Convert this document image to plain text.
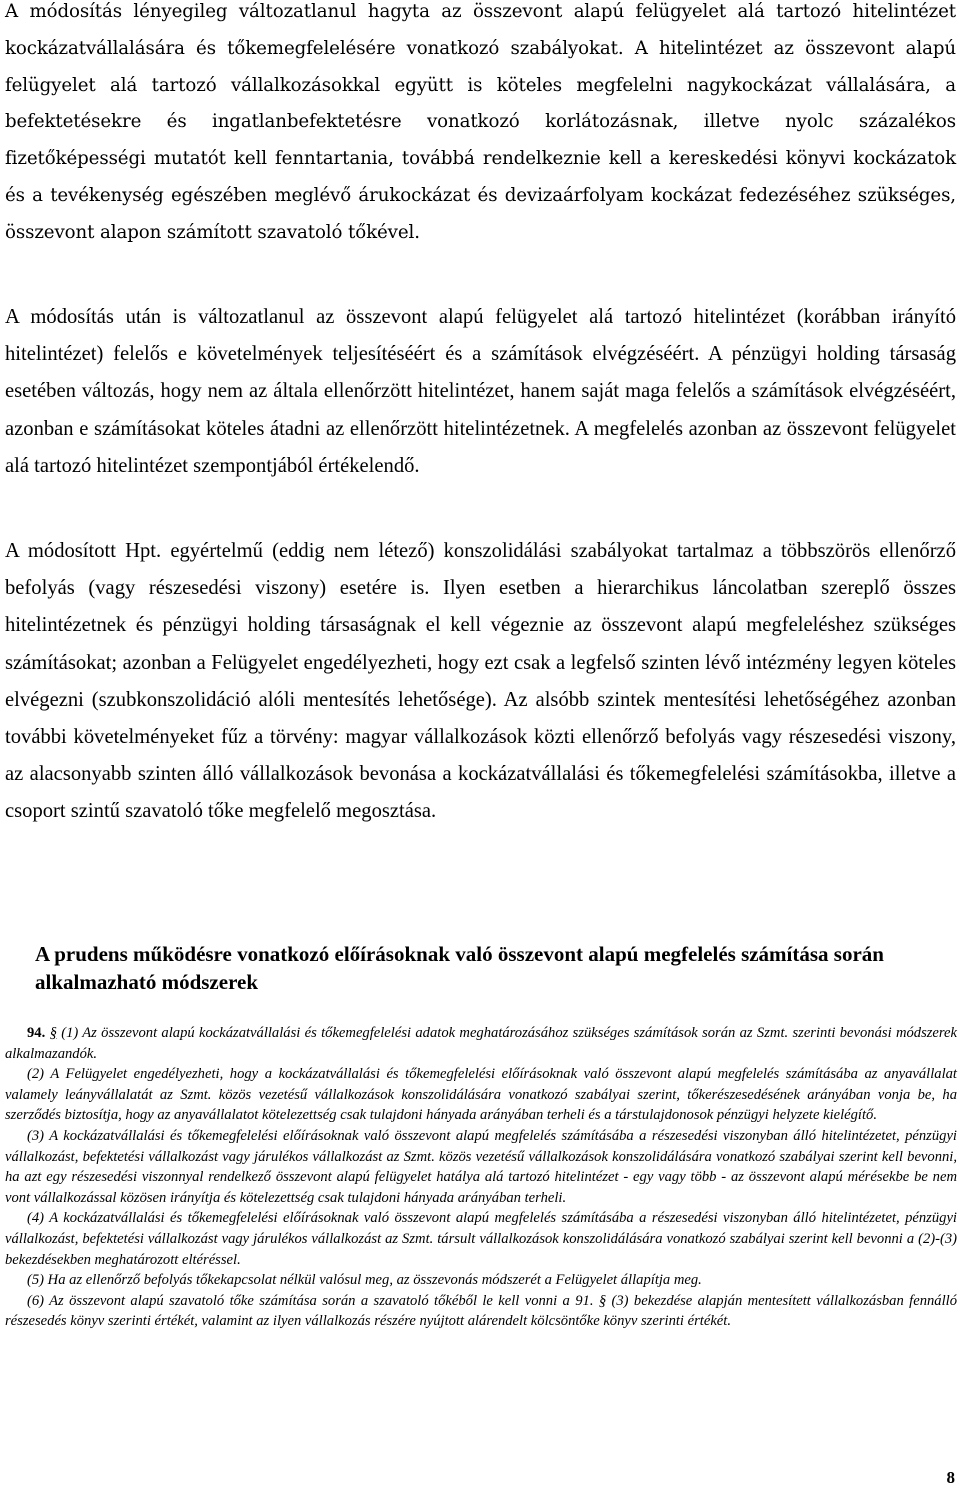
A módosítás lényegileg változatlanul hagyta az összevont alapú felügyelet alá tartozó hitelintézet kockázatvállalására és tőkemegfelelésére vonatkozó szabályokat. A hitelintézet az összevont alapú felügyelet alá tartozó vállalkozásokkal együtt is köteles megfelelni nagykockázat vállalására, a befektetésekre és ingatlanbefektetésre vonatkozó korlátozásnak, illetve nyolc százalékos fizetőképességi mutatót kell fenntartania, továbbá rendelkeznie kell a kereskedési könyvi kockázatok és a tevékenység egészében meglévő árukockázat és devizaárfolyam kockázat fedezéséhez szükséges, összevont alapon számított szavatoló tőkével.

A módosítás után is változatlanul az összevont alapú felügyelet alá tartozó hitelintézet (korábban irányító hitelintézet) felelős e követelmények teljesítéséért és a számítások elvégzéséért. A pénzügyi holding társaság esetében változás, hogy nem az általa ellenőrzött hitelintézet, hanem saját maga felelős a számítások elvégzéséért, azonban e számításokat köteles átadni az ellenőrzött hitelintézetnek. A megfelelés azonban az összevont felügyelet alá tartozó hitelintézet szempontjából értékelendő.

A módosított Hpt. egyértelmű (eddig nem létező) konszolidálási szabályokat tartalmaz a többszörös ellenőrző befolyás (vagy részesedési viszony) esetére is. Ilyen esetben a hierarchikus láncolatban szereplő összes hitelintézetnek és pénzügyi holding társaságnak el kell végeznie az összevont alapú megfeleléshez szükséges számításokat; azonban a Felügyelet engedélyezheti, hogy ezt csak a legfelső szinten lévő intézmény legyen köteles elvégezni (szubkonszolidáció alóli mentesítés lehetősége). Az alsóbb szintek mentesítési lehetőségéhez azonban további követelményeket fűz a törvény: magyar vállalkozások közti ellenőrző befolyás vagy részesedési viszony, az alacsonyabb szinten álló vállalkozások bevonása a kockázatvállalási és tőkemegfelelési számításokba, illetve a csoport szintű szavatoló tőke megfelelő megosztása.

A prudens működésre vonatkozó előírásoknak való összevont alapú megfelelés számítása során alkalmazható módszerek

94. § (1) Az összevont alapú kockázatvállalási és tőkemegfelelési adatok meghatározásához szükséges számítások során az Szmt. szerinti bevonási módszerek alkalmazandók.

(2) A Felügyelet engedélyezheti, hogy a kockázatvállalási és tőkemegfelelési előírásoknak való összevont alapú megfelelés számításába az anyavállalat valamely leányvállalatát az Szmt. közös vezetésű vállalkozások konszolidálására vonatkozó szabályai szerint, tőkerészesedésének arányában vonja be, ha szerződés biztosítja, hogy az anyavállalatot kötelezettség csak tulajdoni hányada arányában terheli és a társtulajdonosok pénzügyi helyzete kielégítő.

(3) A kockázatvállalási és tőkemegfelelési előírásoknak való összevont alapú megfelelés számításába a részesedési viszonyban álló hitelintézetet, pénzügyi vállalkozást, befektetési vállalkozást vagy járulékos vállalkozást az Szmt. közös vezetésű vállalkozások konszolidálására vonatkozó szabályai szerint kell bevonni, ha azt egy részesedési viszonnyal rendelkező összevont alapú felügyelet hatálya alá tartozó hitelintézet - egy vagy több - az összevont alapú mérésekbe be nem vont vállalkozással közösen irányítja és kötelezettség csak tulajdoni hányada arányában terheli.

(4) A kockázatvállalási és tőkemegfelelési előírásoknak való összevont alapú megfelelés számításába a részesedési viszonyban álló hitelintézetet, pénzügyi vállalkozást, befektetési vállalkozást vagy járulékos vállalkozást az Szmt. társult vállalkozások konszolidálására vonatkozó szabályai szerint kell bevonni a (2)-(3) bekezdésekben meghatározott eltéréssel.

(5) Ha az ellenőrző befolyás tőkekapcsolat nélkül valósul meg, az összevonás módszerét a Felügyelet állapítja meg.

(6) Az összevont alapú szavatoló tőke számítása során a szavatoló tőkéből le kell vonni a 91. § (3) bekezdése alapján mentesített vállalkozásban fennálló részesedés könyv szerinti értékét, valamint az ilyen vállalkozás részére nyújtott alárendelt kölcsöntőke könyv szerinti értékét.

8
